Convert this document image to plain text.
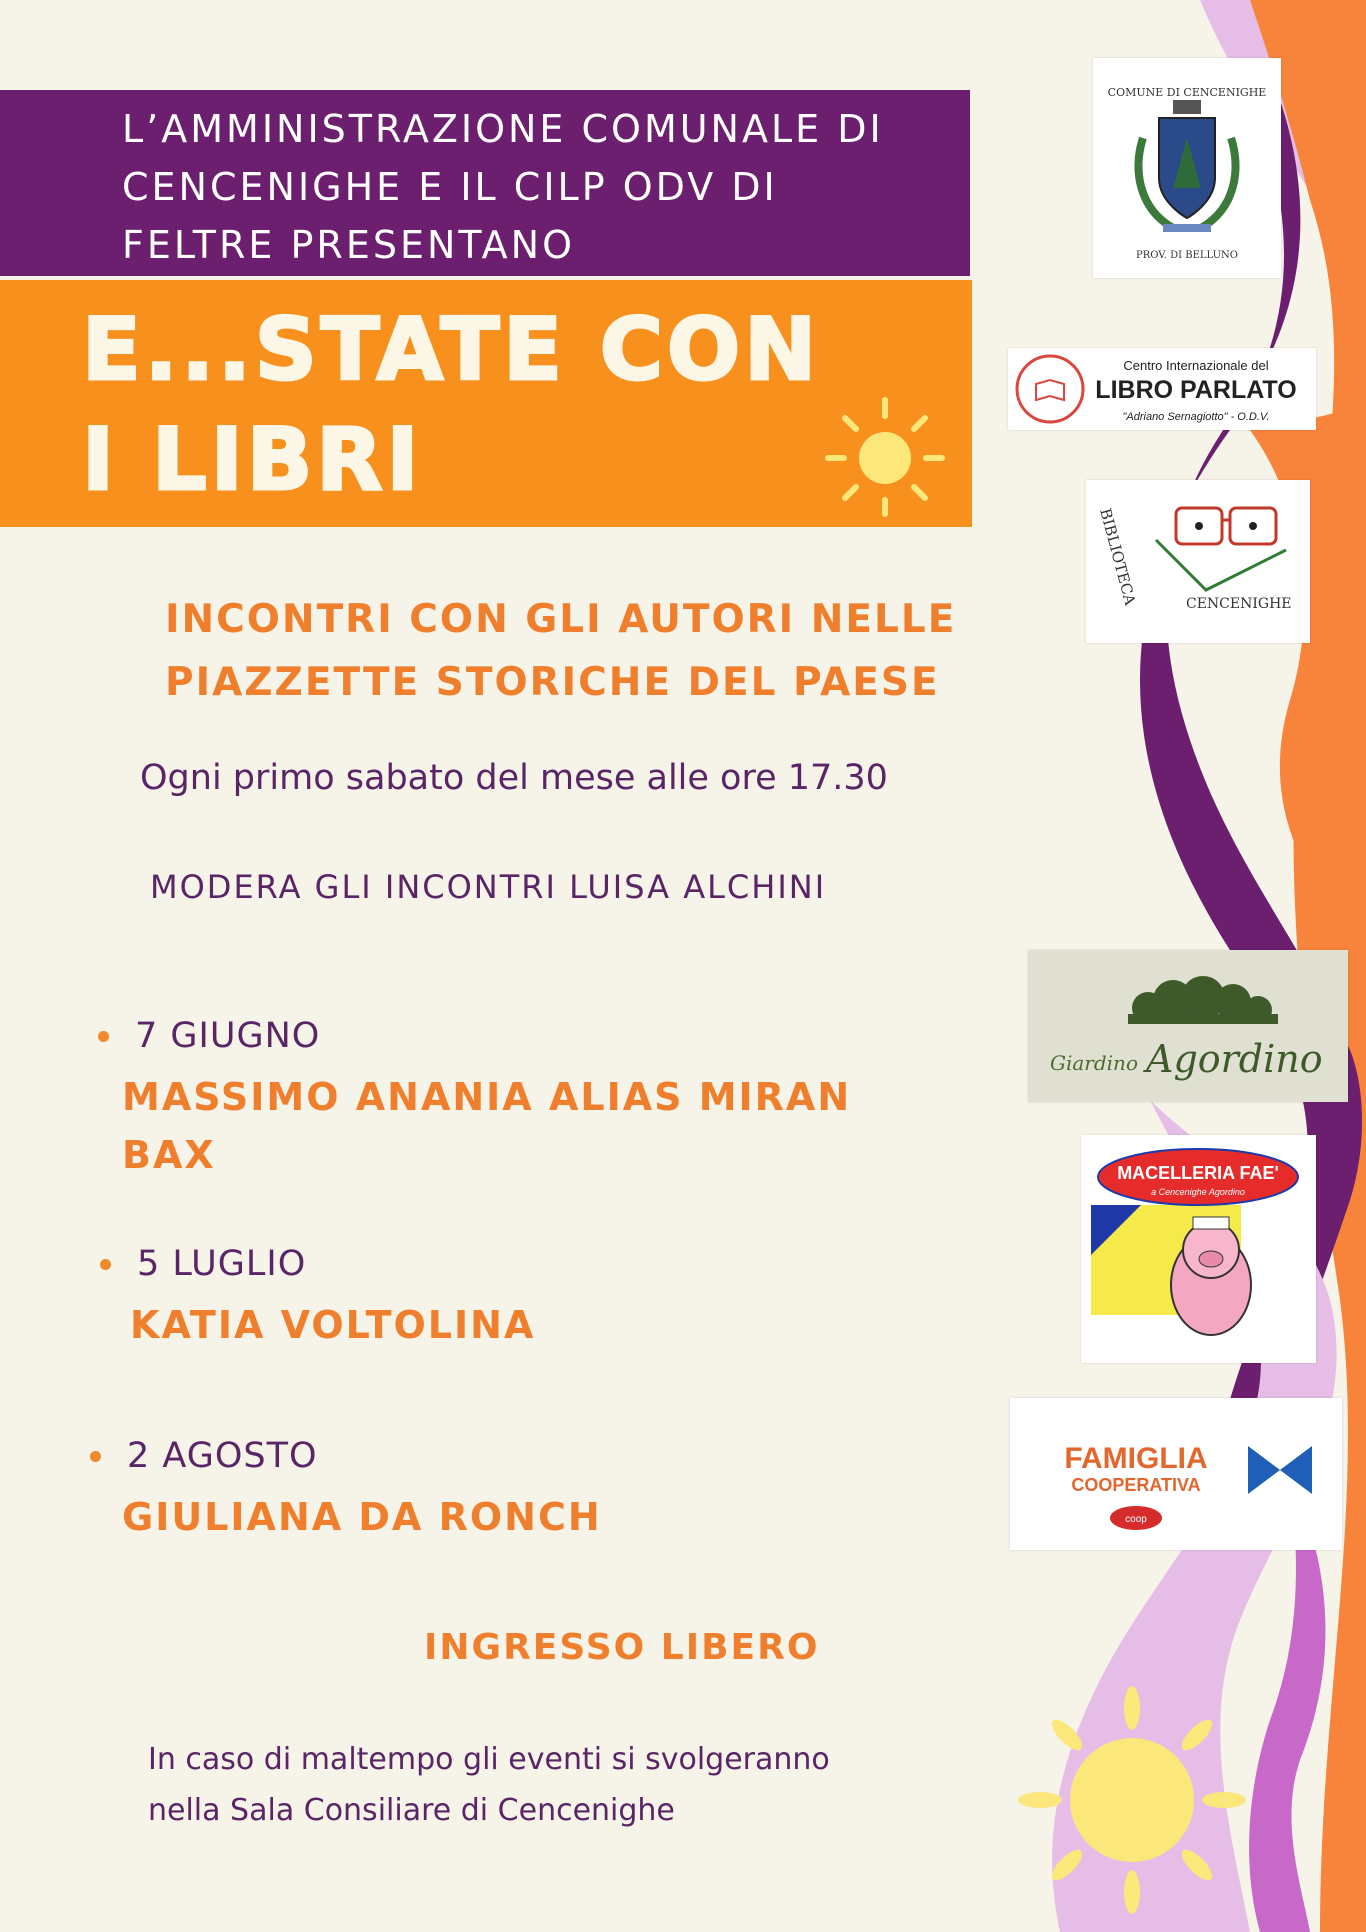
L’AMMINISTRAZIONE COMUNALE DI
CENCENIGHE E IL CILP ODV DI
FELTRE PRESENTANO
E...STATE CON
I LIBRI
INCONTRI CON GLI AUTORI NELLE
PIAZZETTE STORICHE DEL PAESE
Ogni primo sabato del mese alle ore 17.30
MODERA GLI INCONTRI LUISA ALCHINI
7 GIUGNO
MASSIMO ANANIA ALIAS MIRAN
BAX
5 LUGLIO
KATIA VOLTOLINA
2 AGOSTO
GIULIANA DA RONCH
INGRESSO LIBERO
In caso di maltempo gli eventi si svolgeranno
nella Sala Consiliare di Cencenighe
COMUNE DI CENCENIGHE
PROV. DI BELLUNO
Centro Internazionale del
LIBRO PARLATO
"Adriano Sernagiotto" - O.D.V.
BIBLIOTECA	CENCENIGHE
Giardino Agordino
MACELLERIA FAE'
a Cencenighe Agordino
FAMIGLIA
COOPERATIVA
coop
